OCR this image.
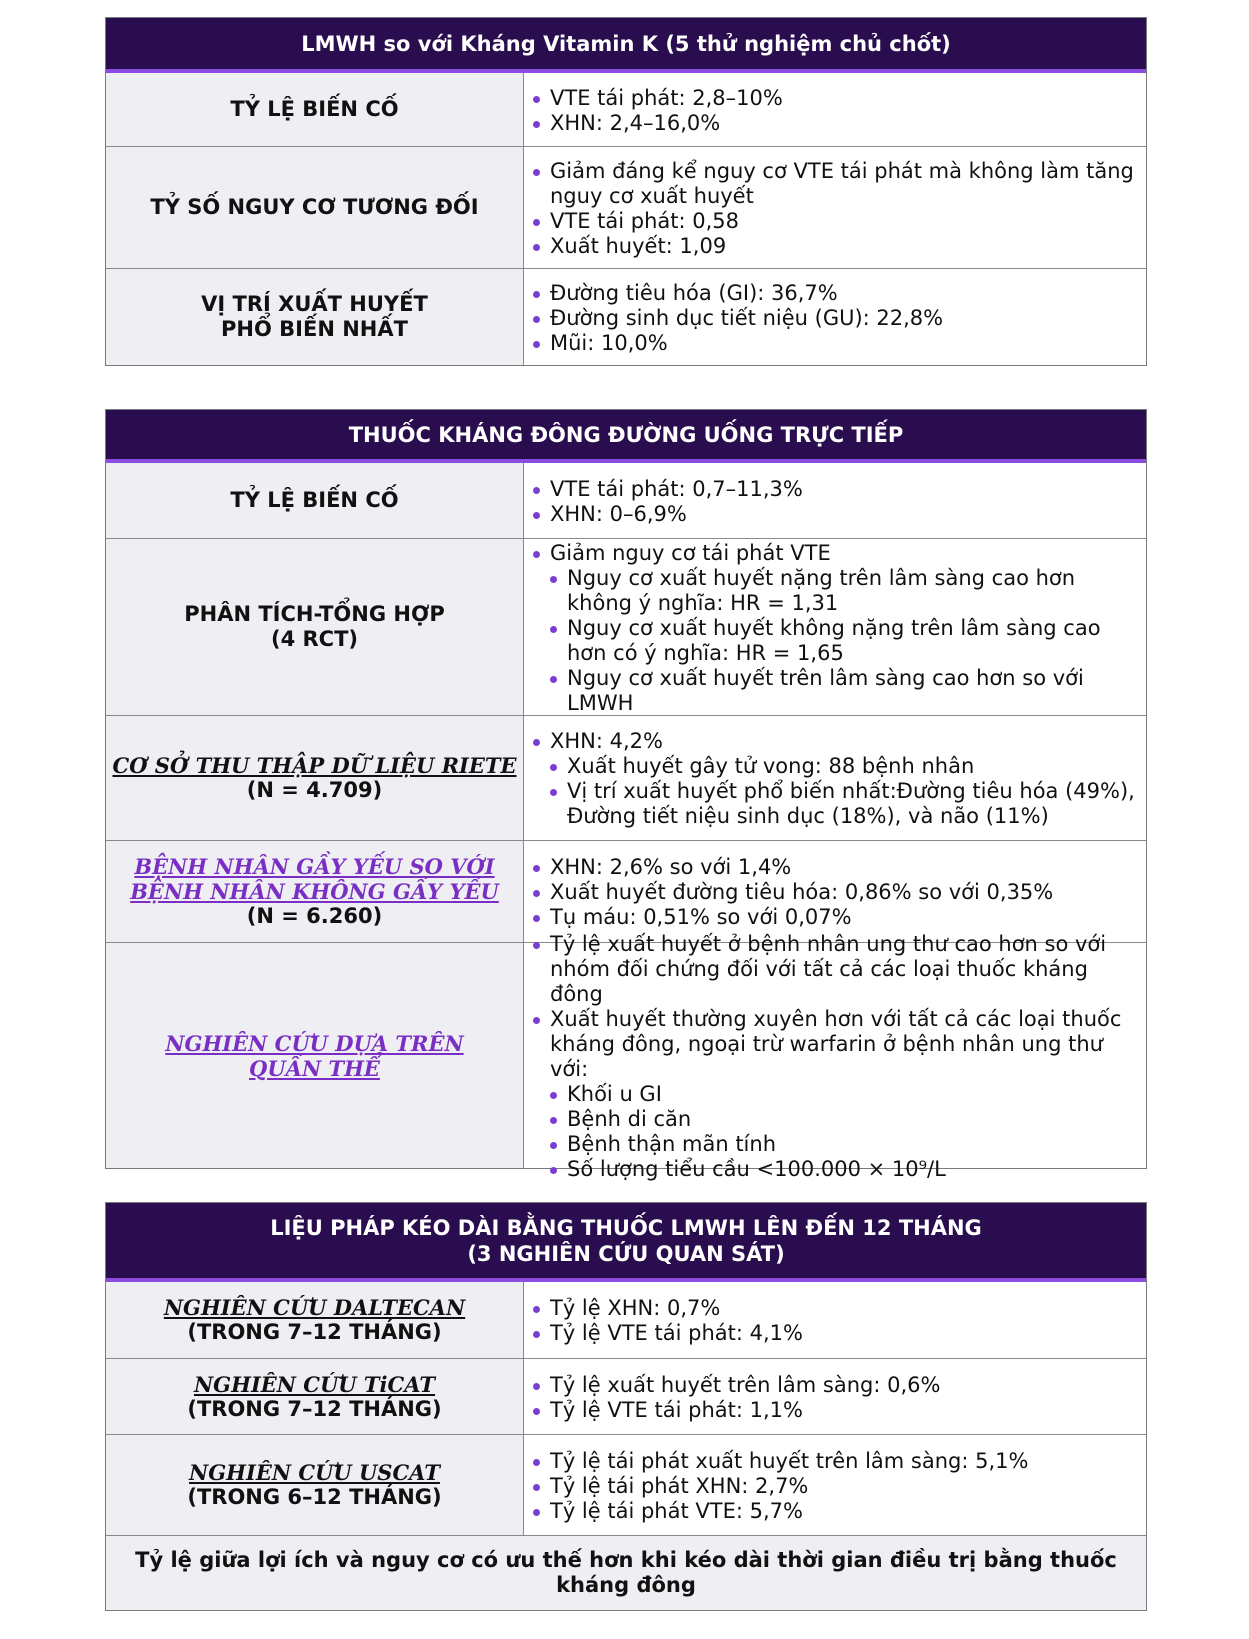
LMWH so với Kháng Vitamin K (5 thử nghiệm chủ chốt)
TỶ LỆ BIẾN CỐ	VTE tái phát: 2,8–10%
XHN: 2,4–16,0%
TỶ SỐ NGUY CƠ TƯƠNG ĐỐI
Giảm đáng kể nguy cơ VTE tái phát mà không làm tăng nguy cơ xuất huyết
VTE tái phát: 0,58
Xuất huyết: 1,09
VỊ TRÍ XUẤT HUYẾT
PHỔ BIẾN NHẤT
Đường tiêu hóa (GI): 36,7%
Đường sinh dục tiết niệu (GU): 22,8%
Mũi: 10,0%
THUỐC KHÁNG ĐÔNG ĐƯỜNG UỐNG TRỰC TIẾP
TỶ LỆ BIẾN CỐ	VTE tái phát: 0,7–11,3%
XHN: 0–6,9%
PHÂN TÍCH-TỔNG HỢP
(4 RCT)
Giảm nguy cơ tái phát VTE
Nguy cơ xuất huyết nặng trên lâm sàng cao hơn không ý nghĩa: HR = 1,31
Nguy cơ xuất huyết không nặng trên lâm sàng cao hơn có ý nghĩa: HR = 1,65
Nguy cơ xuất huyết trên lâm sàng cao hơn so với LMWH
CƠ SỞ THU THẬP DỮ LIỆU RIETE
(N = 4.709)
XHN: 4,2%
Xuất huyết gây tử vong: 88 bệnh nhân
Vị trí xuất huyết phổ biến nhất:Đường tiêu hóa (49%), Đường tiết niệu sinh dục (18%), và não (11%)
BỆNH NHÂN GẦY YẾU SO VỚI
BỆNH NHÂN KHÔNG GẦY YẾU
(N = 6.260)
XHN: 2,6% so với 1,4%
Xuất huyết đường tiêu hóa: 0,86% so với 0,35%
Tụ máu: 0,51% so với 0,07%
NGHIÊN CỨU DỰA TRÊN
QUẦN THỂ
Tỷ lệ xuất huyết ở bệnh nhân ung thư cao hơn so với nhóm đối chứng đối với tất cả các loại thuốc kháng đông
Xuất huyết thường xuyên hơn với tất cả các loại thuốc kháng đông, ngoại trừ warfarin ở bệnh nhân ung thư với:
Khối u GI
Bệnh di căn
Bệnh thận mãn tính
Số lượng tiểu cầu <100.000 × 10⁹/L
LIỆU PHÁP KÉO DÀI BẰNG THUỐC LMWH LÊN ĐẾN 12 THÁNG
(3 NGHIÊN CỨU QUAN SÁT)
NGHIÊN CỨU DALTECAN
(TRONG 7–12 THÁNG)
Tỷ lệ XHN: 0,7%
Tỷ lệ VTE tái phát: 4,1%
NGHIÊN CỨU TiCAT
(TRONG 7–12 THÁNG)
Tỷ lệ xuất huyết trên lâm sàng: 0,6%
Tỷ lệ VTE tái phát: 1,1%
NGHIÊN CỨU USCAT
(TRONG 6–12 THÁNG)
Tỷ lệ tái phát xuất huyết trên lâm sàng: 5,1%
Tỷ lệ tái phát XHN: 2,7%
Tỷ lệ tái phát VTE: 5,7%
Tỷ lệ giữa lợi ích và nguy cơ có ưu thế hơn khi kéo dài thời gian điều trị bằng thuốc kháng đông
